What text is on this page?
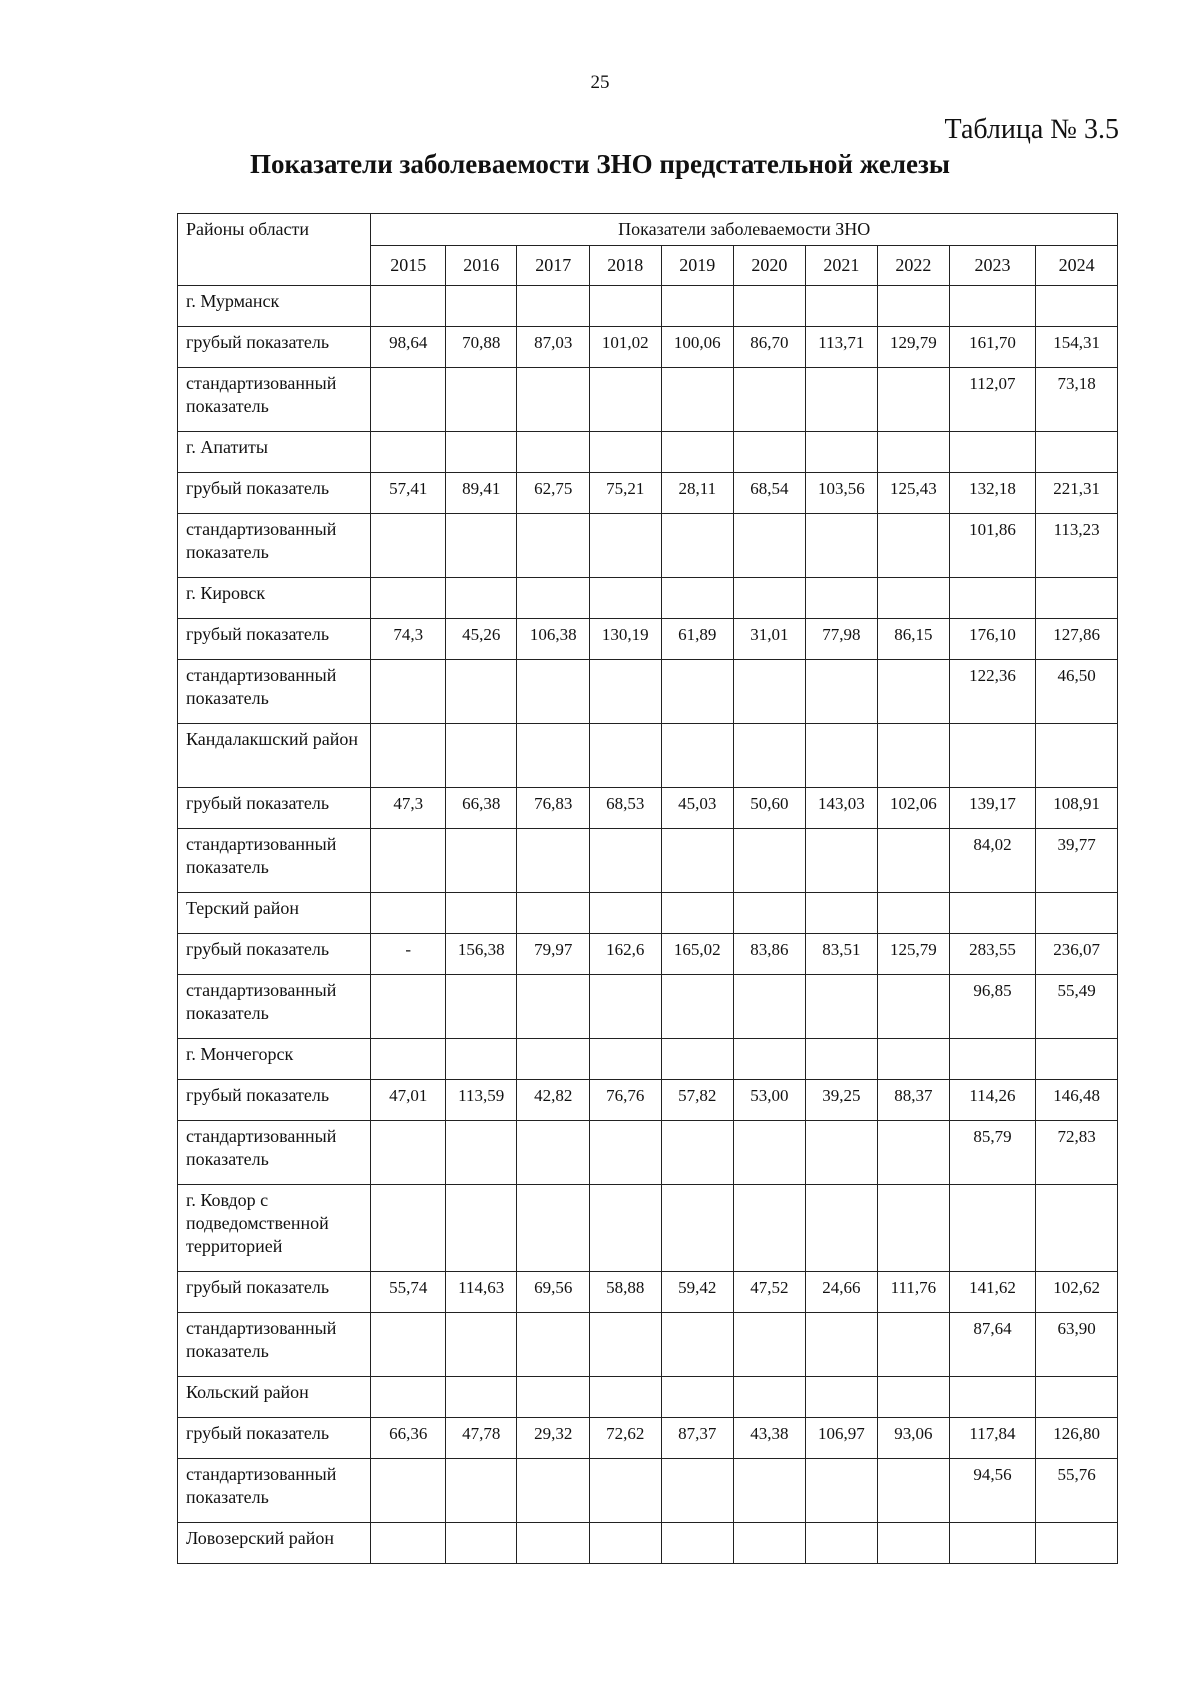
25
Таблица № 3.5
Показатели заболеваемости ЗНО предстательной железы
Районы области	Показатели заболеваемости ЗНО									
	2015	2016	2017	2018	2019	2020	2021	2022	2023	2024
г. Мурманск										
грубый показатель	98,64	70,88	87,03	101,02	100,06	86,70	113,71	129,79	161,70	154,31
стандартизованный показатель									112,07	73,18
г. Апатиты										
грубый показатель	57,41	89,41	62,75	75,21	28,11	68,54	103,56	125,43	132,18	221,31
стандартизованный показатель									101,86	113,23
г. Кировск										
грубый показатель	74,3	45,26	106,38	130,19	61,89	31,01	77,98	86,15	176,10	127,86
стандартизованный показатель									122,36	46,50
Кандалакшский район										
грубый показатель	47,3	66,38	76,83	68,53	45,03	50,60	143,03	102,06	139,17	108,91
стандартизованный показатель									84,02	39,77
Терский район										
грубый показатель	-	156,38	79,97	162,6	165,02	83,86	83,51	125,79	283,55	236,07
стандартизованный показатель									96,85	55,49
г. Мончегорск										
грубый показатель	47,01	113,59	42,82	76,76	57,82	53,00	39,25	88,37	114,26	146,48
стандартизованный показатель									85,79	72,83
г. Ковдор с подведомственной территорией										
грубый показатель	55,74	114,63	69,56	58,88	59,42	47,52	24,66	111,76	141,62	102,62
стандартизованный показатель									87,64	63,90
Кольский район										
грубый показатель	66,36	47,78	29,32	72,62	87,37	43,38	106,97	93,06	117,84	126,80
стандартизованный показатель									94,56	55,76
Ловозерский район										
